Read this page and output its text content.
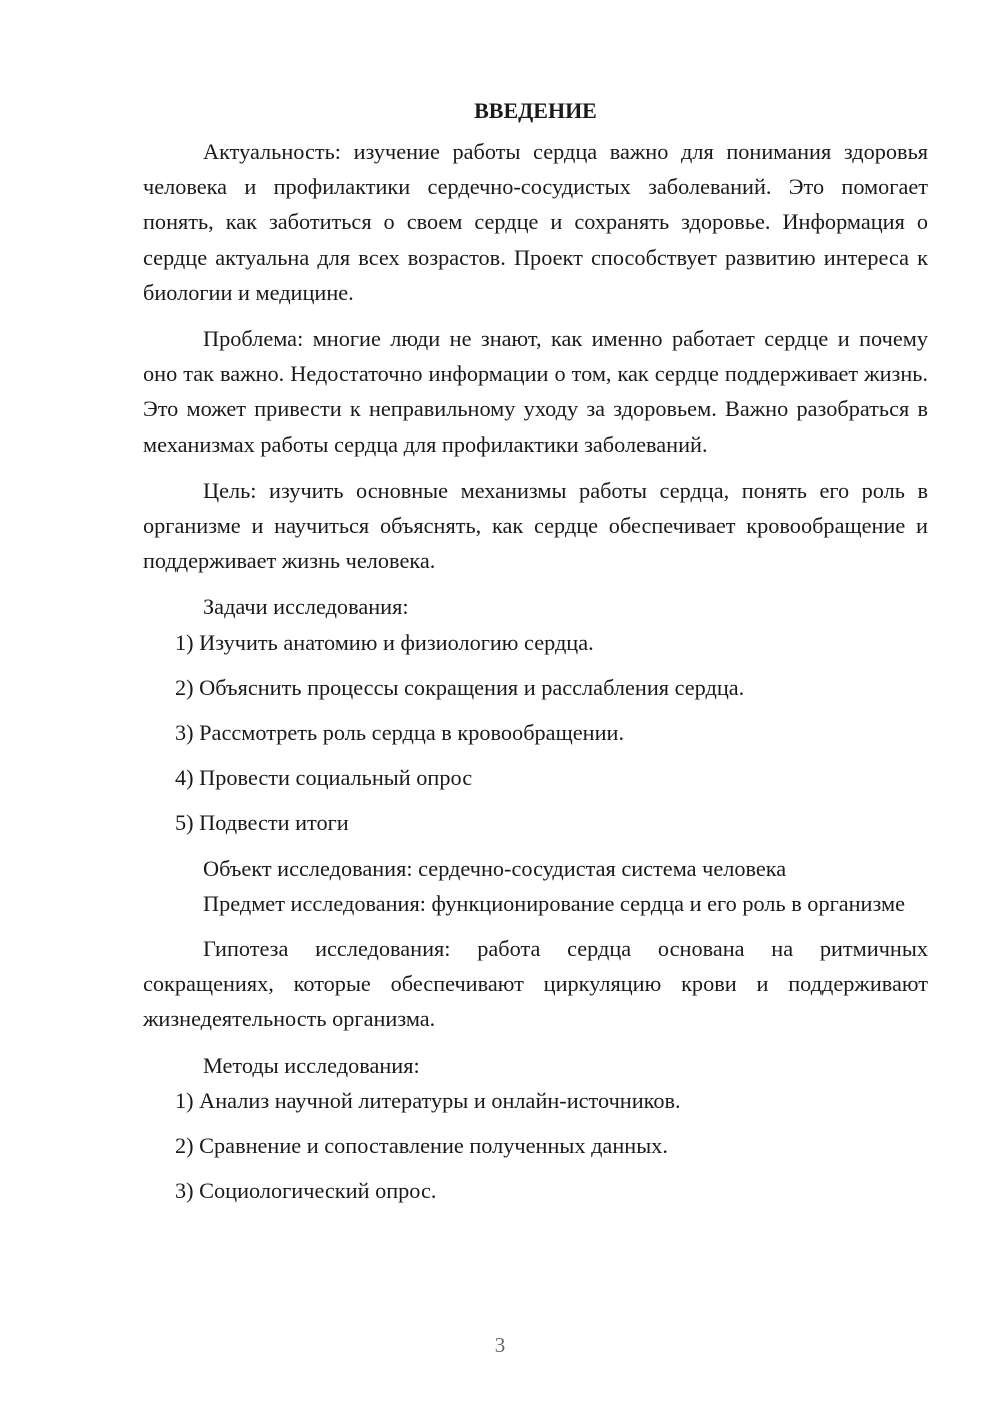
ВВЕДЕНИЕ

Актуальность: изучение работы сердца важно для понимания здоровья человека и профилактики сердечно-сосудистых заболеваний. Это помогает понять, как заботиться о своем сердце и сохранять здоровье. Информация о сердце актуальна для всех возрастов. Проект способствует развитию интереса к биологии и медицине.

Проблема: многие люди не знают, как именно работает сердце и почему оно так важно. Недостаточно информации о том, как сердце поддерживает жизнь. Это может привести к неправильному уходу за здоровьем. Важно разобраться в механизмах работы сердца для профилактики заболеваний.

Цель: изучить основные механизмы работы сердца, понять его роль в организме и научиться объяснять, как сердце обеспечивает кровообращение и поддерживает жизнь человека.

Задачи исследования:

1) Изучить анатомию и физиологию сердца.

2) Объяснить процессы сокращения и расслабления сердца.

3) Рассмотреть роль сердца в кровообращении.

4) Провести социальный опрос

5) Подвести итоги

Объект исследования: сердечно-сосудистая система человека

Предмет исследования: функционирование сердца и его роль в организме

Гипотеза исследования: работа сердца основана на ритмичных сокращениях, которые обеспечивают циркуляцию крови и поддерживают жизнедеятельность организма.

Методы исследования:

1) Анализ научной литературы и онлайн-источников.

2) Сравнение и сопоставление полученных данных.

3) Социологический опрос.

3
